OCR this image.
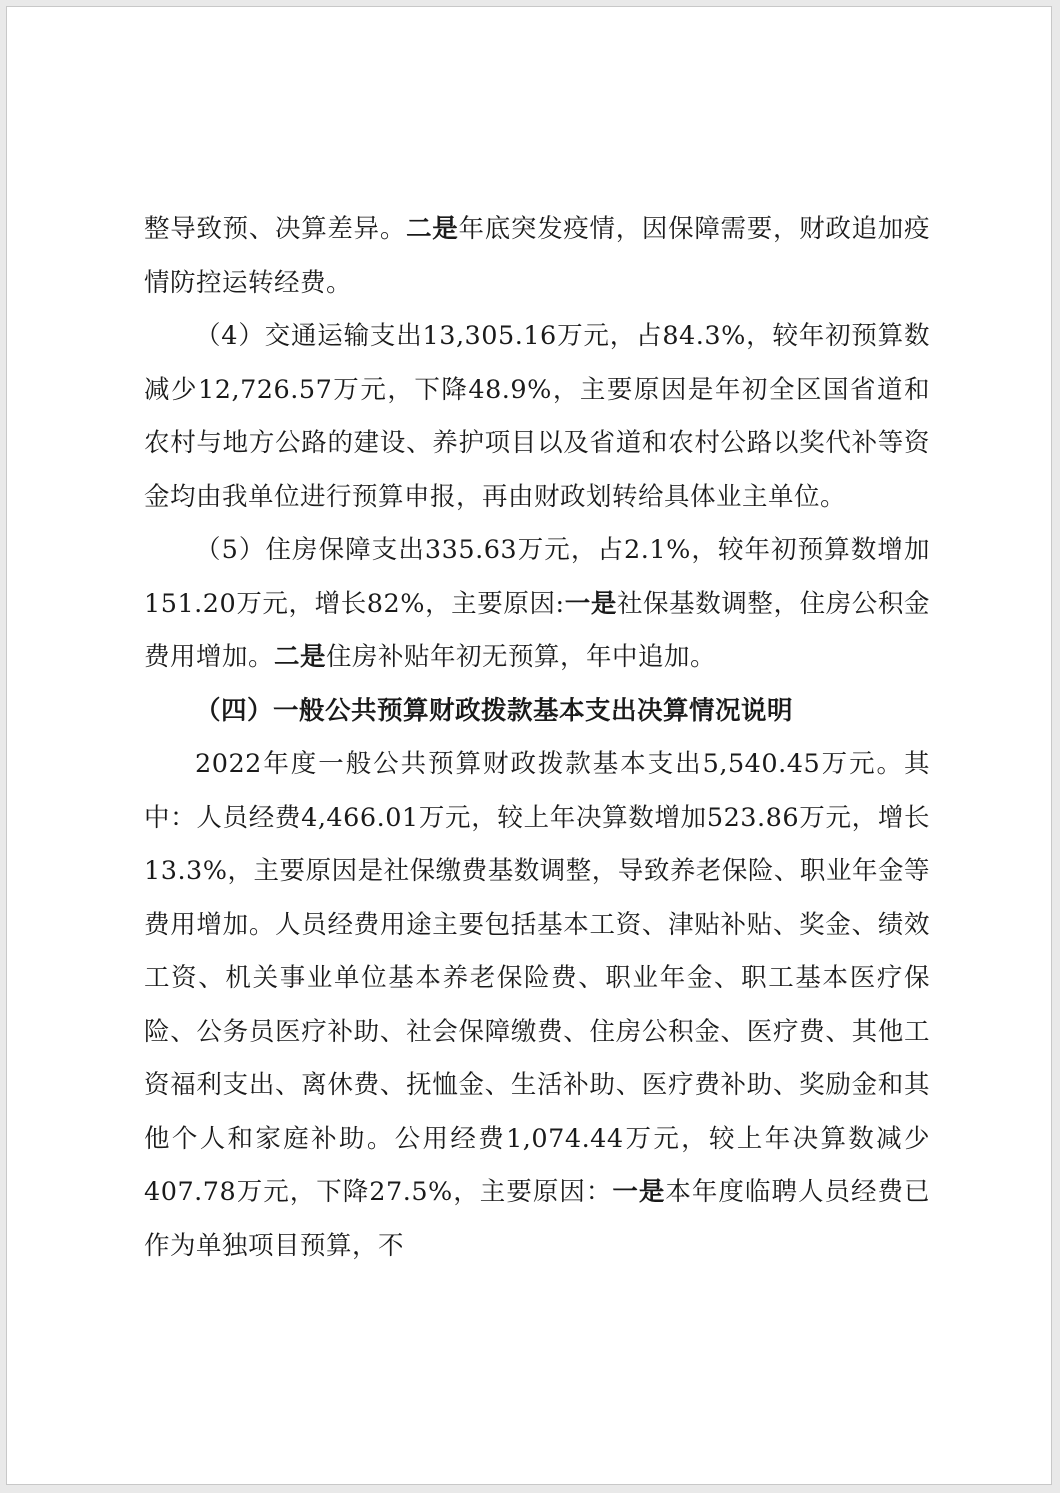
整导致预、决算差异。二是年底突发疫情，因保障需要，财政追加疫情防控运转经费。

（4）交通运输支出13,305.16万元，占84.3%，较年初预算数减少12,726.57万元，下降48.9%，主要原因是年初全区国省道和农村与地方公路的建设、养护项目以及省道和农村公路以奖代补等资金均由我单位进行预算申报，再由财政划转给具体业主单位。

（5）住房保障支出335.63万元，占2.1%，较年初预算数增加151.20万元，增长82%，主要原因:一是社保基数调整，住房公积金费用增加。二是住房补贴年初无预算，年中追加。

（四）一般公共预算财政拨款基本支出决算情况说明

2022年度一般公共预算财政拨款基本支出5,540.45万元。其中：人员经费4,466.01万元，较上年决算数增加523.86万元，增长13.3%，主要原因是社保缴费基数调整，导致养老保险、职业年金等费用增加。人员经费用途主要包括基本工资、津贴补贴、奖金、绩效工资、机关事业单位基本养老保险费、职业年金、职工基本医疗保险、公务员医疗补助、社会保障缴费、住房公积金、医疗费、其他工资福利支出、离休费、抚恤金、生活补助、医疗费补助、奖励金和其他个人和家庭补助。公用经费1,074.44万元，较上年决算数减少407.78万元，下降27.5%，主要原因：一是本年度临聘人员经费已作为单独项目预算，不
